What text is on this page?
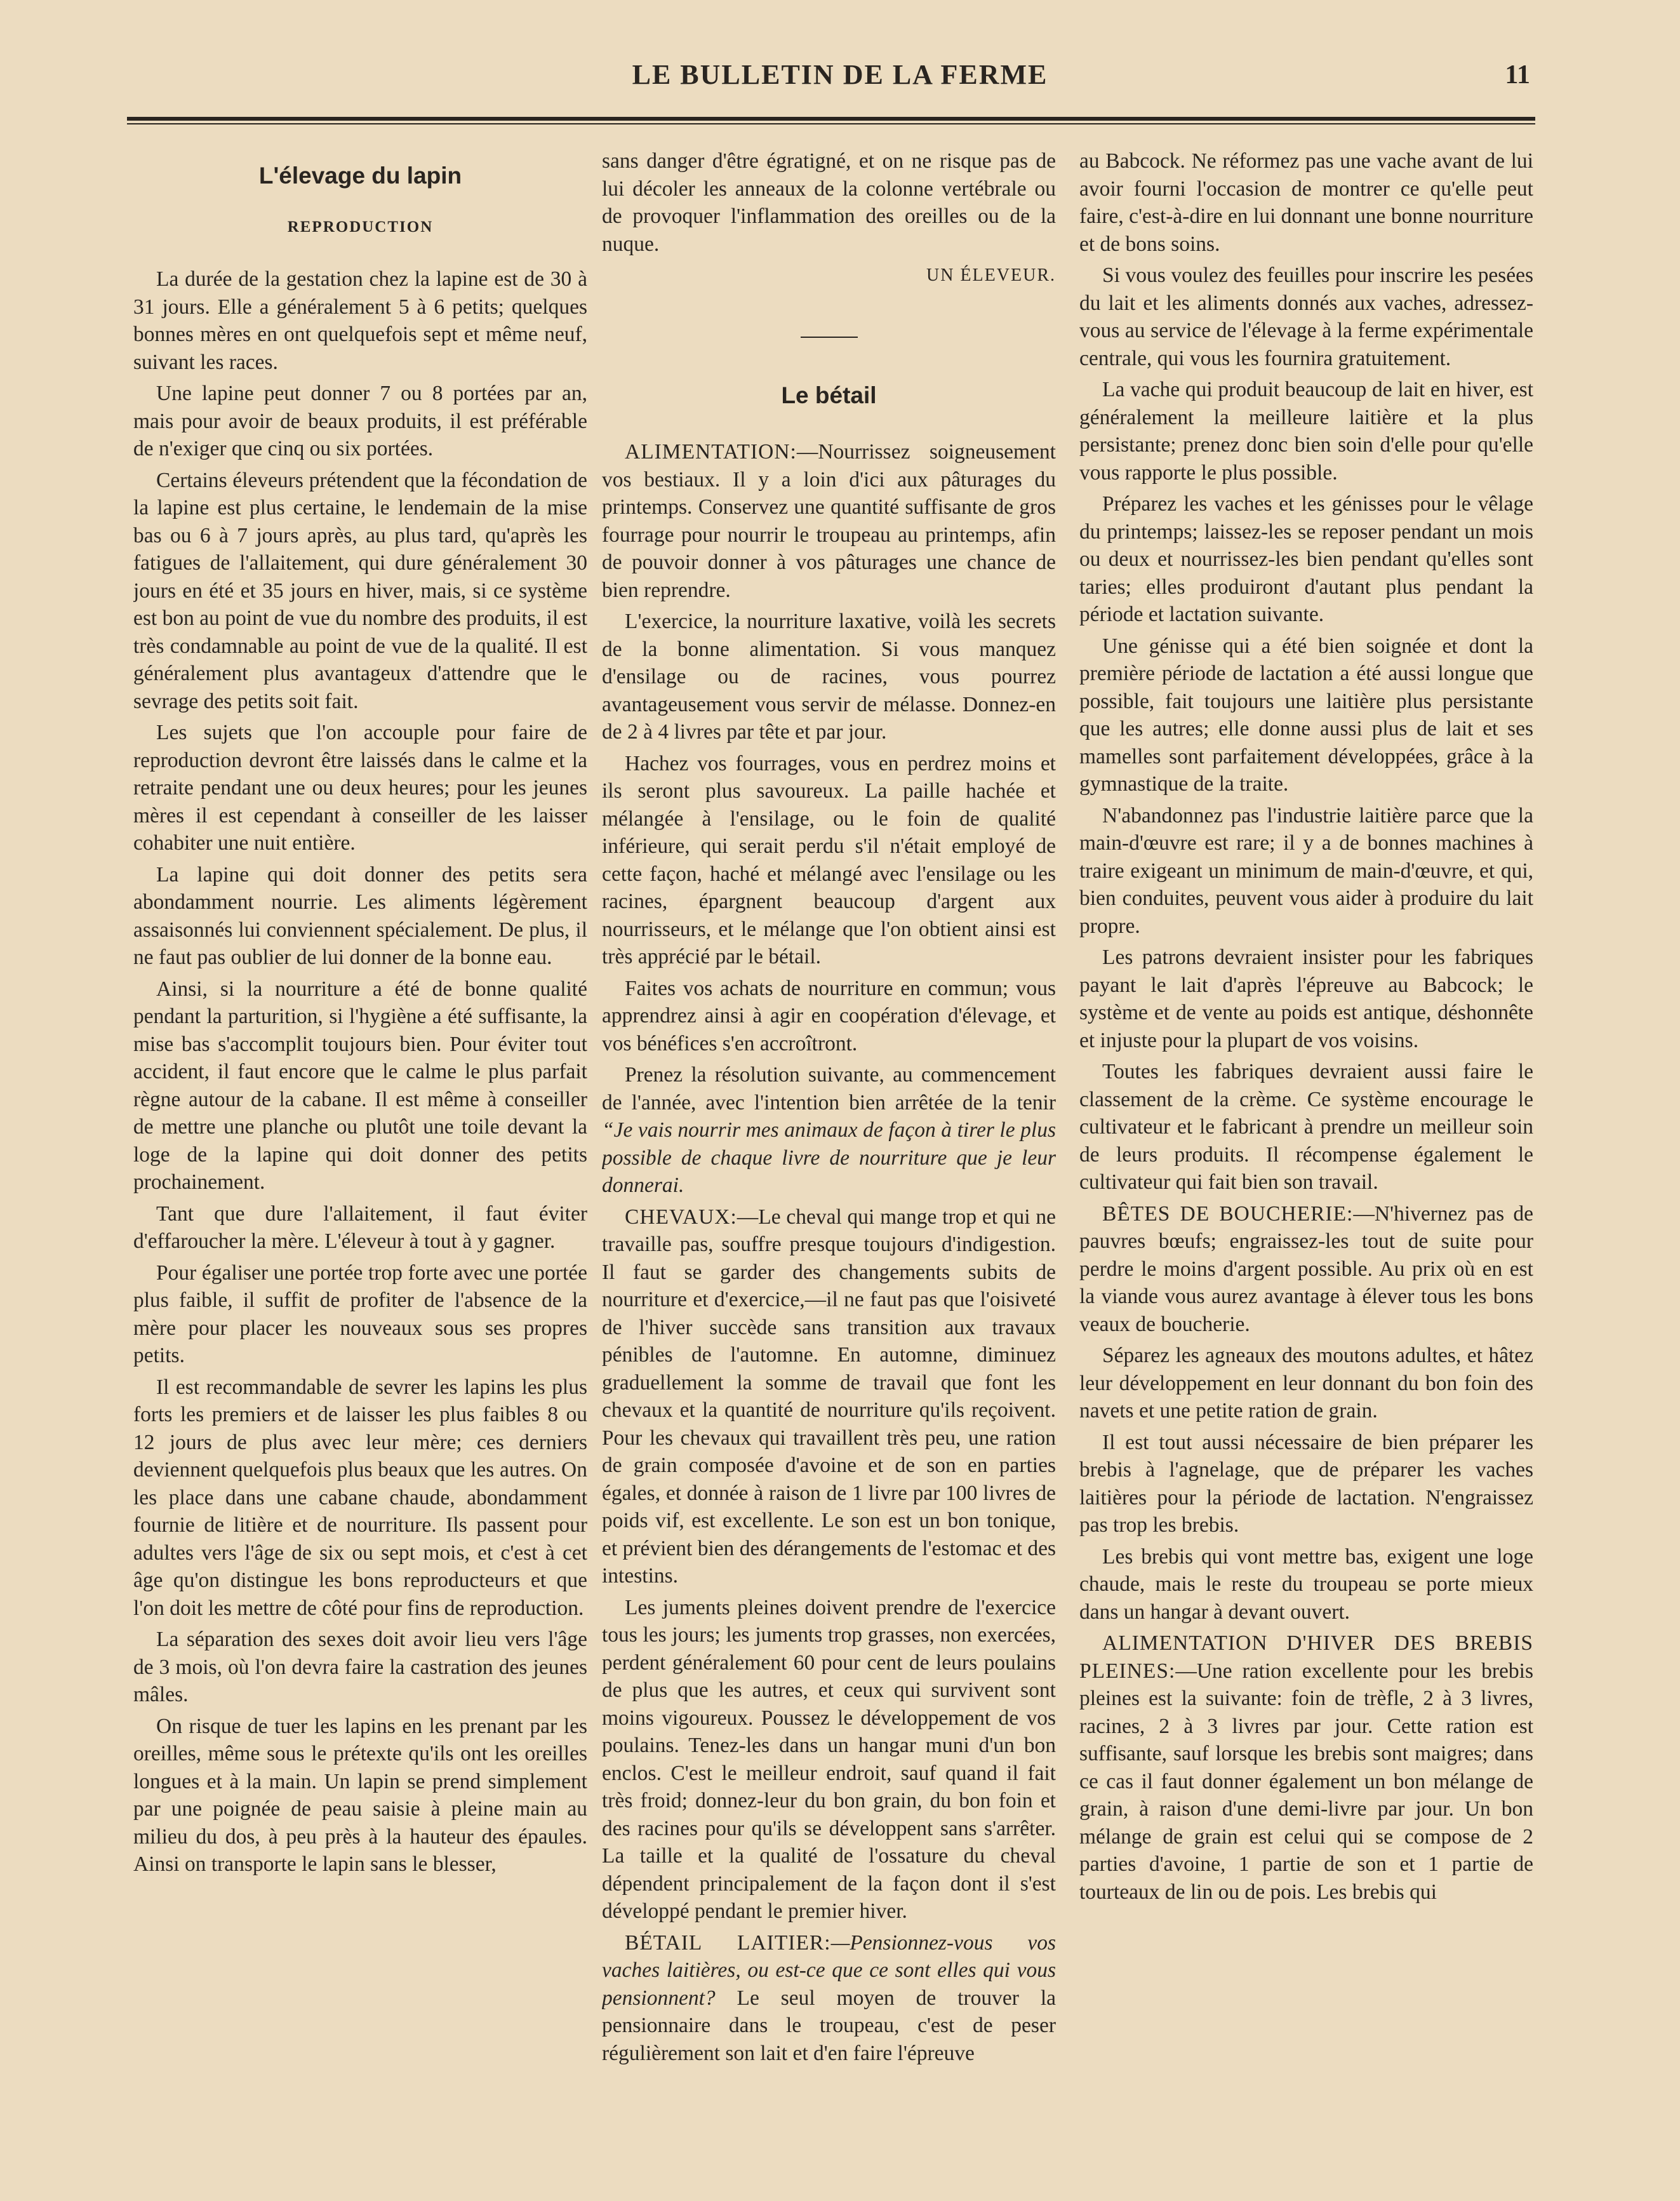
LE BULLETIN DE LA FERME	11
L'élevage du lapin
REPRODUCTION

La durée de la gestation chez la lapine est de 30 à 31 jours. Elle a généralement 5 à 6 petits; quelques bonnes mères en ont quelquefois sept et même neuf, suivant les races.

Une lapine peut donner 7 ou 8 portées par an, mais pour avoir de beaux produits, il est préférable de n'exiger que cinq ou six portées.

Certains éleveurs prétendent que la fécondation de la lapine est plus certaine, le lendemain de la mise bas ou 6 à 7 jours après, au plus tard, qu'après les fatigues de l'allaitement, qui dure généralement 30 jours en été et 35 jours en hiver, mais, si ce système est bon au point de vue du nombre des produits, il est très condamnable au point de vue de la qualité. Il est généralement plus avantageux d'attendre que le sevrage des petits soit fait.

Les sujets que l'on accouple pour faire de reproduction devront être laissés dans le calme et la retraite pendant une ou deux heures; pour les jeunes mères il est cependant à conseiller de les laisser cohabiter une nuit entière.

La lapine qui doit donner des petits sera abondamment nourrie. Les aliments légèrement assaisonnés lui conviennent spécialement. De plus, il ne faut pas oublier de lui donner de la bonne eau.

Ainsi, si la nourriture a été de bonne qualité pendant la parturition, si l'hygiène a été suffisante, la mise bas s'accomplit toujours bien. Pour éviter tout accident, il faut encore que le calme le plus parfait règne autour de la cabane. Il est même à conseiller de mettre une planche ou plutôt une toile devant la loge de la lapine qui doit donner des petits prochainement.

Tant que dure l'allaitement, il faut éviter d'effaroucher la mère. L'éleveur à tout à y gagner.

Pour égaliser une portée trop forte avec une portée plus faible, il suffit de profiter de l'absence de la mère pour placer les nouveaux sous ses propres petits.

Il est recommandable de sevrer les lapins les plus forts les premiers et de laisser les plus faibles 8 ou 12 jours de plus avec leur mère; ces derniers deviennent quelquefois plus beaux que les autres. On les place dans une cabane chaude, abondamment fournie de litière et de nourriture. Ils passent pour adultes vers l'âge de six ou sept mois, et c'est à cet âge qu'on distingue les bons reproducteurs et que l'on doit les mettre de côté pour fins de reproduction.

La séparation des sexes doit avoir lieu vers l'âge de 3 mois, où l'on devra faire la castration des jeunes mâles.

On risque de tuer les lapins en les prenant par les oreilles, même sous le prétexte qu'ils ont les oreilles longues et à la main. Un lapin se prend simplement par une poignée de peau saisie à pleine main au milieu du dos, à peu près à la hauteur des épaules. Ainsi on transporte le lapin sans le blesser,

sans danger d'être égratigné, et on ne risque pas de lui décoler les anneaux de la colonne vertébrale ou de provoquer l'inflammation des oreilles ou de la nuque.

UN ÉLEVEUR.
Le bétail

ALIMENTATION:—Nourrissez soigneusement vos bestiaux. Il y a loin d'ici aux pâturages du printemps. Conservez une quantité suffisante de gros fourrage pour nourrir le troupeau au printemps, afin de pouvoir donner à vos pâturages une chance de bien reprendre.

L'exercice, la nourriture laxative, voilà les secrets de la bonne alimentation. Si vous manquez d'ensilage ou de racines, vous pourrez avantageusement vous servir de mélasse. Donnez-en de 2 à 4 livres par tête et par jour.

Hachez vos fourrages, vous en perdrez moins et ils seront plus savoureux. La paille hachée et mélangée à l'ensilage, ou le foin de qualité inférieure, qui serait perdu s'il n'était employé de cette façon, haché et mélangé avec l'ensilage ou les racines, épargnent beaucoup d'argent aux nourrisseurs, et le mélange que l'on obtient ainsi est très apprécié par le bétail.

Faites vos achats de nourriture en commun; vous apprendrez ainsi à agir en coopération d'élevage, et vos bénéfices s'en accroîtront.

Prenez la résolution suivante, au commencement de l'année, avec l'intention bien arrêtée de la tenir “Je vais nourrir mes animaux de façon à tirer le plus possible de chaque livre de nourriture que je leur donnerai.

CHEVAUX:—Le cheval qui mange trop et qui ne travaille pas, souffre presque toujours d'indigestion. Il faut se garder des changements subits de nourriture et d'exercice,—il ne faut pas que l'oisiveté de l'hiver succède sans transition aux travaux pénibles de l'automne. En automne, diminuez graduellement la somme de travail que font les chevaux et la quantité de nourriture qu'ils reçoivent. Pour les chevaux qui travaillent très peu, une ration de grain composée d'avoine et de son en parties égales, et donnée à raison de 1 livre par 100 livres de poids vif, est excellente. Le son est un bon tonique, et prévient bien des dérangements de l'estomac et des intestins.

Les juments pleines doivent prendre de l'exercice tous les jours; les juments trop grasses, non exercées, perdent généralement 60 pour cent de leurs poulains de plus que les autres, et ceux qui survivent sont moins vigoureux. Poussez le développement de vos poulains. Tenez-les dans un hangar muni d'un bon enclos. C'est le meilleur endroit, sauf quand il fait très froid; donnez-leur du bon grain, du bon foin et des racines pour qu'ils se développent sans s'arrêter. La taille et la qualité de l'ossature du cheval dépendent principalement de la façon dont il s'est développé pendant le premier hiver.

BÉTAIL LAITIER:—Pensionnez-vous vos vaches laitières, ou est-ce que ce sont elles qui vous pensionnent? Le seul moyen de trouver la pensionnaire dans le troupeau, c'est de peser régulièrement son lait et d'en faire l'épreuve

au Babcock. Ne réformez pas une vache avant de lui avoir fourni l'occasion de montrer ce qu'elle peut faire, c'est-à-dire en lui donnant une bonne nourriture et de bons soins.

Si vous voulez des feuilles pour inscrire les pesées du lait et les aliments donnés aux vaches, adressez-vous au service de l'élevage à la ferme expérimentale centrale, qui vous les fournira gratuitement.

La vache qui produit beaucoup de lait en hiver, est généralement la meilleure laitière et la plus persistante; prenez donc bien soin d'elle pour qu'elle vous rapporte le plus possible.

Préparez les vaches et les génisses pour le vêlage du printemps; laissez-les se reposer pendant un mois ou deux et nourrissez-les bien pendant qu'elles sont taries; elles produiront d'autant plus pendant la période et lactation suivante.

Une génisse qui a été bien soignée et dont la première période de lactation a été aussi longue que possible, fait toujours une laitière plus persistante que les autres; elle donne aussi plus de lait et ses mamelles sont parfaitement développées, grâce à la gymnastique de la traite.

N'abandonnez pas l'industrie laitière parce que la main-d'œuvre est rare; il y a de bonnes machines à traire exigeant un minimum de main-d'œuvre, et qui, bien conduites, peuvent vous aider à produire du lait propre.

Les patrons devraient insister pour les fabriques payant le lait d'après l'épreuve au Babcock; le système et de vente au poids est antique, déshonnête et injuste pour la plupart de vos voisins.

Toutes les fabriques devraient aussi faire le classement de la crème. Ce système encourage le cultivateur et le fabricant à prendre un meilleur soin de leurs produits. Il récompense également le cultivateur qui fait bien son travail.

BÊTES DE BOUCHERIE:—N'hivernez pas de pauvres bœufs; engraissez-les tout de suite pour perdre le moins d'argent possible. Au prix où en est la viande vous aurez avantage à élever tous les bons veaux de boucherie.

Séparez les agneaux des moutons adultes, et hâtez leur développement en leur donnant du bon foin des navets et une petite ration de grain.

Il est tout aussi nécessaire de bien préparer les brebis à l'agnelage, que de préparer les vaches laitières pour la période de lactation. N'engraissez pas trop les brebis.

Les brebis qui vont mettre bas, exigent une loge chaude, mais le reste du troupeau se porte mieux dans un hangar à devant ouvert.

ALIMENTATION D'HIVER DES BREBIS PLEINES:—Une ration excellente pour les brebis pleines est la suivante: foin de trèfle, 2 à 3 livres, racines, 2 à 3 livres par jour. Cette ration est suffisante, sauf lorsque les brebis sont maigres; dans ce cas il faut donner également un bon mélange de grain, à raison d'une demi-livre par jour. Un bon mélange de grain est celui qui se compose de 2 parties d'avoine, 1 partie de son et 1 partie de tourteaux de lin ou de pois. Les brebis qui
